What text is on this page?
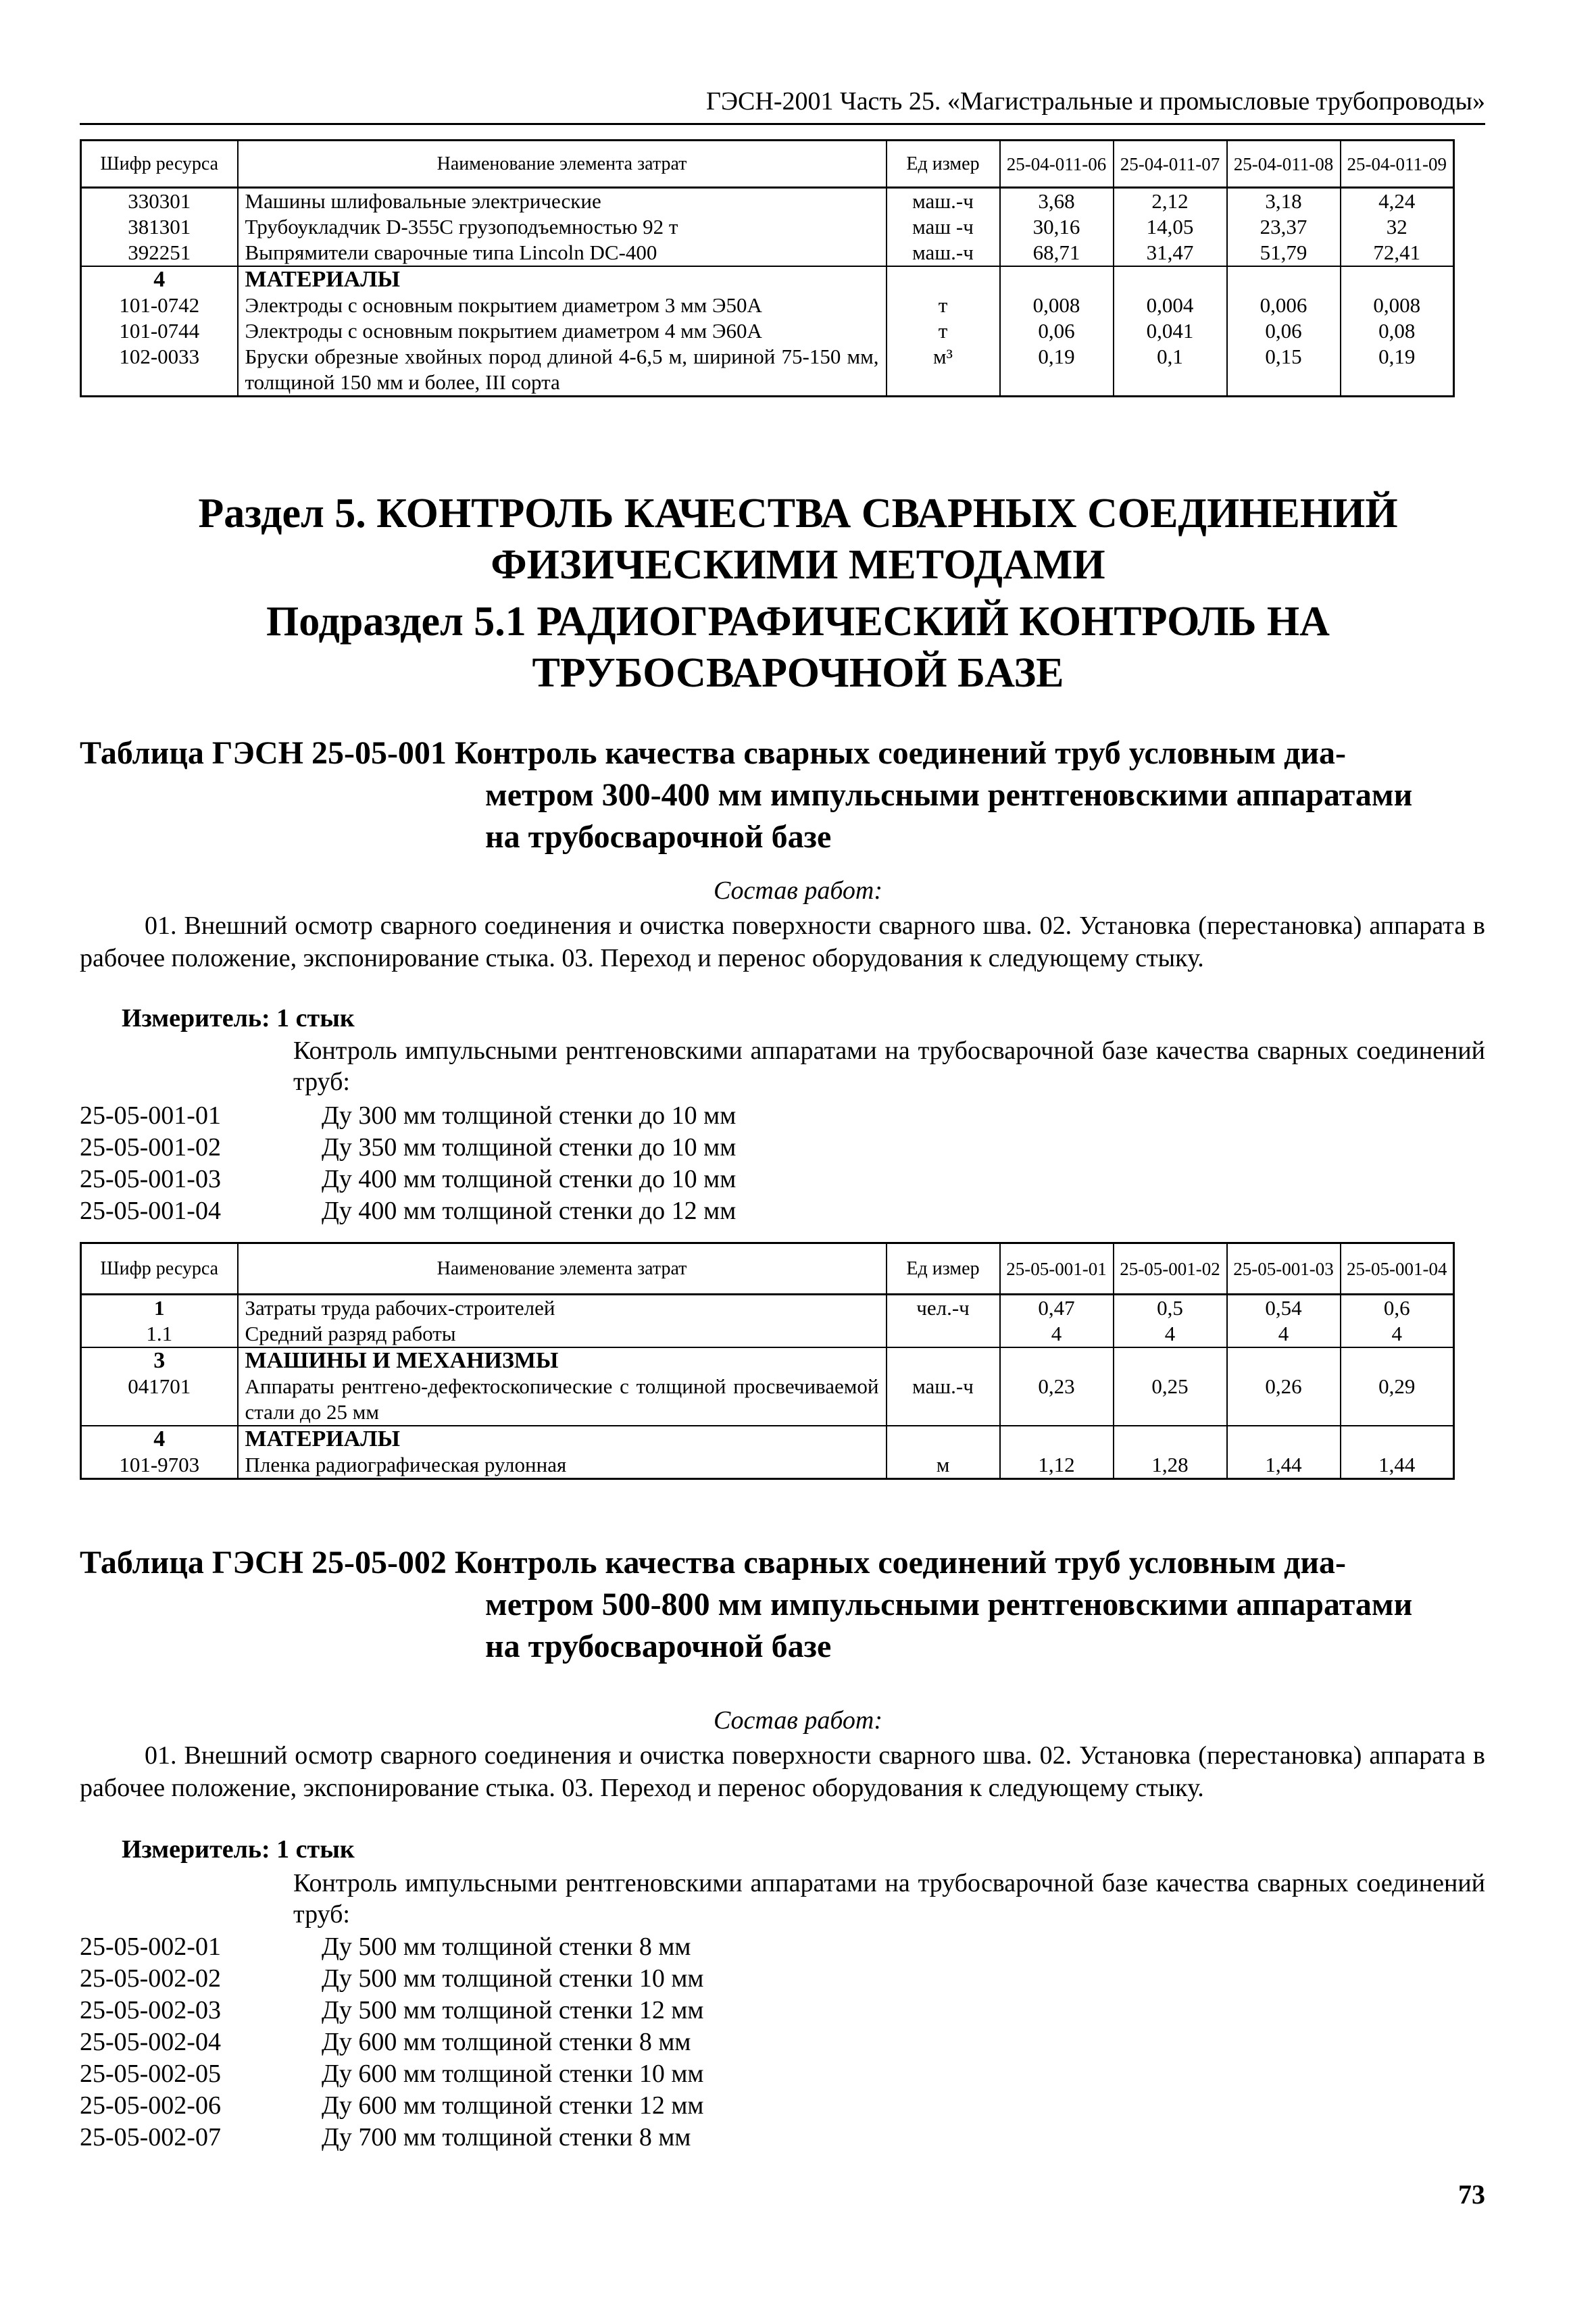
ГЭСН-2001 Часть 25. «Магистральные и промысловые трубопроводы»
Шифр ресурса	Наименование элемента затрат	Ед измер	25-04-011-06	25-04-011-07	25-04-011-08	25-04-011-09
330301	Машины шлифовальные электрические	маш.-ч	3,68	2,12	3,18	4,24
381301	Трубоукладчик D-355C грузоподъемностью 92 т	маш -ч	30,16	14,05	23,37	32
392251	Выпрямители сварочные типа Lincoln DC-400	маш.-ч	68,71	31,47	51,79	72,41
4	МАТЕРИАЛЫ					
101-0742	Электроды с основным покрытием диаметром 3 мм Э50А	т	0,008	0,004	0,006	0,008
101-0744	Электроды с основным покрытием диаметром 4 мм Э60А	т	0,06	0,041	0,06	0,08
102-0033	Бруски обрезные хвойных пород длиной 4-6,5 м, шириной 75-150 мм, толщиной 150 мм и более, III сорта	м³	0,19	0,1	0,15	0,19
Раздел 5. КОНТРОЛЬ КАЧЕСТВА СВАРНЫХ СОЕДИНЕНИЙ
ФИЗИЧЕСКИМИ МЕТОДАМИ
Подраздел 5.1 РАДИОГРАФИЧЕСКИЙ КОНТРОЛЬ НА
ТРУБОСВАРОЧНОЙ БАЗЕ
Таблица ГЭСН 25-05-001 Контроль качества сварных соединений труб условным диа-
метром 300-400 мм импульсными рентгеновскими аппаратами
на трубосварочной базе
Состав работ:
01. Внешний осмотр сварного соединения и очистка поверхности сварного шва. 02. Установка (перестановка) аппарата в рабочее положение, экспонирование стыка. 03. Переход и перенос оборудования к следующему стыку.
Измеритель: 1 стык
Контроль импульсными рентгеновскими аппаратами на трубосварочной базе качества сварных соединений труб:
25-05-001-01	Ду 300 мм толщиной стенки до 10 мм
25-05-001-02	Ду 350 мм толщиной стенки до 10 мм
25-05-001-03	Ду 400 мм толщиной стенки до 10 мм
25-05-001-04	Ду 400 мм толщиной стенки до 12 мм
Шифр ресурса	Наименование элемента затрат	Ед измер	25-05-001-01	25-05-001-02	25-05-001-03	25-05-001-04
1	Затраты труда рабочих-строителей	чел.-ч	0,47	0,5	0,54	0,6
1.1	Средний разряд работы		4	4	4	4
3	МАШИНЫ И МЕХАНИЗМЫ					
041701	Аппараты рентгено-дефектоскопические с толщиной просвечиваемой стали до 25 мм	маш.-ч	0,23	0,25	0,26	0,29
4	МАТЕРИАЛЫ					
101-9703	Пленка радиографическая рулонная	м	1,12	1,28	1,44	1,44
Таблица ГЭСН 25-05-002 Контроль качества сварных соединений труб условным диа-
метром 500-800 мм импульсными рентгеновскими аппаратами
на трубосварочной базе
Состав работ:
01. Внешний осмотр сварного соединения и очистка поверхности сварного шва. 02. Установка (перестановка) аппарата в рабочее положение, экспонирование стыка. 03. Переход и перенос оборудования к следующему стыку.
Измеритель: 1 стык
Контроль импульсными рентгеновскими аппаратами на трубосварочной базе качества сварных соединений труб:
25-05-002-01	Ду 500 мм толщиной стенки 8 мм
25-05-002-02	Ду 500 мм толщиной стенки 10 мм
25-05-002-03	Ду 500 мм толщиной стенки 12 мм
25-05-002-04	Ду 600 мм толщиной стенки 8 мм
25-05-002-05	Ду 600 мм толщиной стенки 10 мм
25-05-002-06	Ду 600 мм толщиной стенки 12 мм
25-05-002-07	Ду 700 мм толщиной стенки 8 мм
73
